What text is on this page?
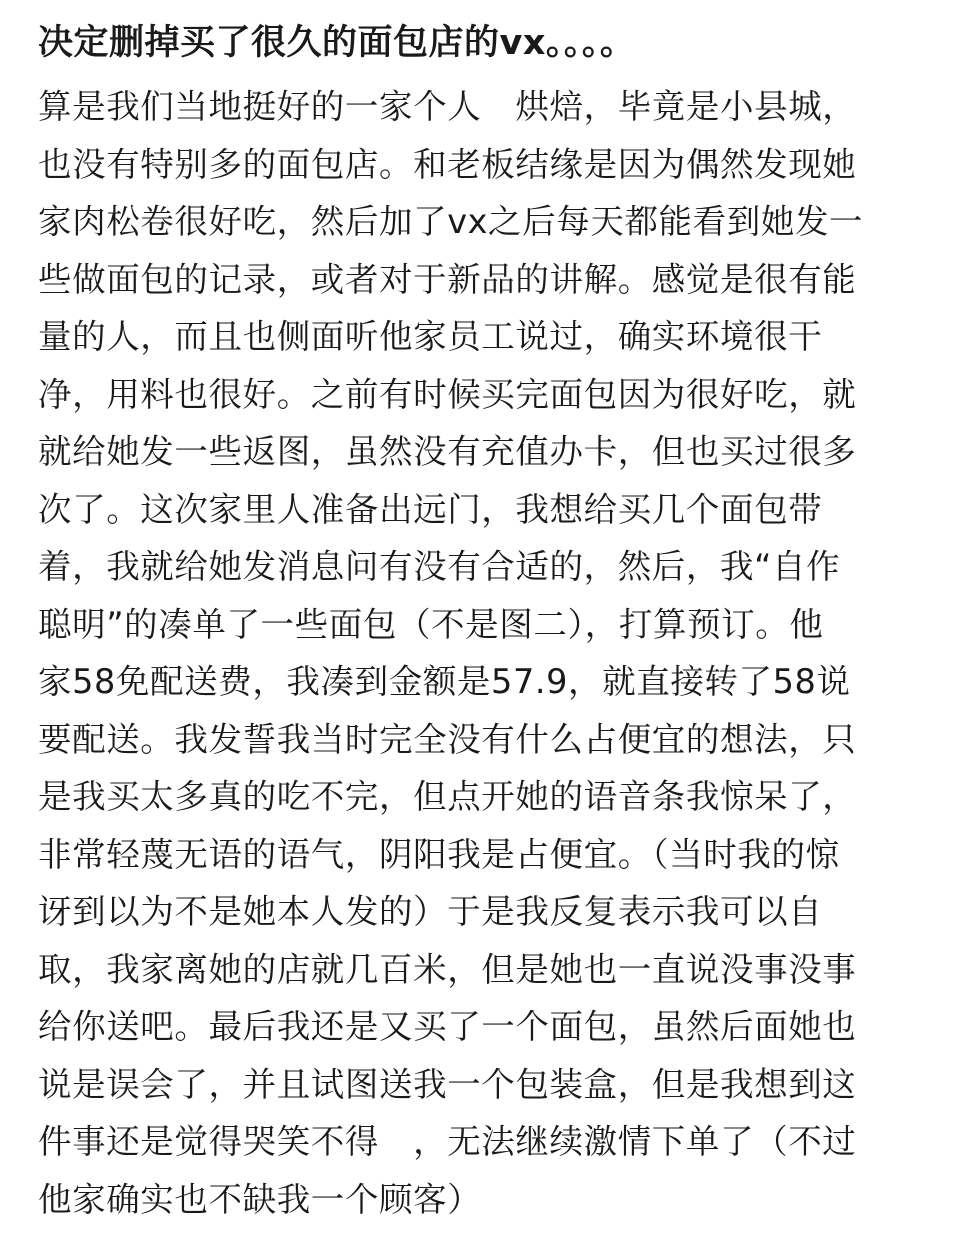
决定删掉买了很久的面包店的vx。。。。
算是我们当地挺好的一家个人　烘焙，毕竟是小县城，
也没有特别多的面包店。和老板结缘是因为偶然发现她
家肉松卷很好吃，然后加了vx之后每天都能看到她发一
些做面包的记录，或者对于新品的讲解。感觉是很有能
量的人，而且也侧面听他家员工说过，确实环境很干
净，用料也很好。之前有时候买完面包因为很好吃，就
就给她发一些返图，虽然没有充值办卡，但也买过很多
次了。这次家里人准备出远门，我想给买几个面包带
着，我就给她发消息问有没有合适的，然后，我“自作
聪明”的凑单了一些面包（不是图二），打算预订。他
家58免配送费，我凑到金额是57.9，就直接转了58说
要配送。我发誓我当时完全没有什么占便宜的想法，只
是我买太多真的吃不完，但点开她的语音条我惊呆了，
非常轻蔑无语的语气，阴阳我是占便宜。（当时我的惊
讶到以为不是她本人发的）于是我反复表示我可以自
取，我家离她的店就几百米，但是她也一直说没事没事
给你送吧。最后我还是又买了一个面包，虽然后面她也
说是误会了，并且试图送我一个包装盒，但是我想到这
件事还是觉得哭笑不得　，无法继续激情下单了（不过
他家确实也不缺我一个顾客）
